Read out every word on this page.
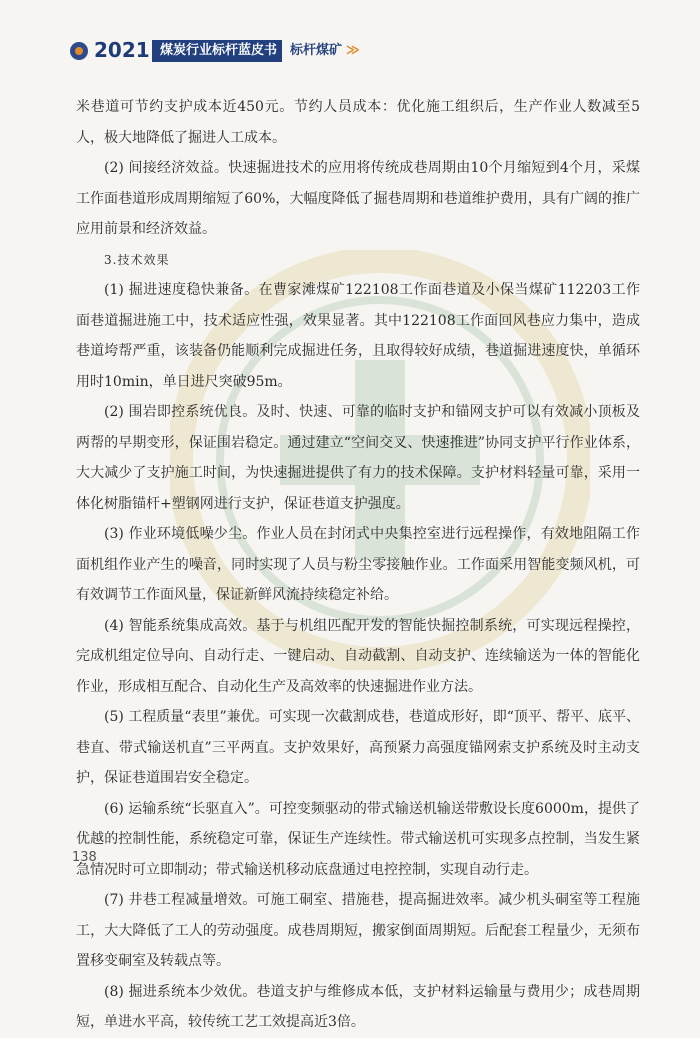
2021 煤炭行业标杆蓝皮书 标杆煤矿 ≫

米巷道可节约支护成本近450元。节约人员成本：优化施工组织后，生产作业人数减至5人，极大地降低了掘进人工成本。

(2) 间接经济效益。快速掘进技术的应用将传统成巷周期由10个月缩短到4个月，采煤工作面巷道形成周期缩短了60%，大幅度降低了掘巷周期和巷道维护费用，具有广阔的推广应用前景和经济效益。

3.技术效果

(1) 掘进速度稳快兼备。在曹家滩煤矿122108工作面巷道及小保当煤矿112203工作面巷道掘进施工中，技术适应性强，效果显著。其中122108工作面回风巷应力集中，造成巷道垮帮严重，该装备仍能顺利完成掘进任务，且取得较好成绩，巷道掘进速度快，单循环用时10min，单日进尺突破95m。

(2) 围岩即控系统优良。及时、快速、可靠的临时支护和锚网支护可以有效减小顶板及两帮的早期变形，保证围岩稳定。通过建立“空间交叉、快速推进”协同支护平行作业体系，大大减少了支护施工时间，为快速掘进提供了有力的技术保障。支护材料轻量可靠，采用一体化树脂锚杆+塑钢网进行支护，保证巷道支护强度。

(3) 作业环境低噪少尘。作业人员在封闭式中央集控室进行远程操作，有效地阻隔工作面机组作业产生的噪音，同时实现了人员与粉尘零接触作业。工作面采用智能变频风机，可有效调节工作面风量，保证新鲜风流持续稳定补给。

(4) 智能系统集成高效。基于与机组匹配开发的智能快掘控制系统，可实现远程操控，完成机组定位导向、自动行走、一键启动、自动截割、自动支护、连续输送为一体的智能化作业，形成相互配合、自动化生产及高效率的快速掘进作业方法。

(5) 工程质量“表里”兼优。可实现一次截割成巷，巷道成形好，即“顶平、帮平、底平、巷直、带式输送机直”三平两直。支护效果好，高预紧力高强度锚网索支护系统及时主动支护，保证巷道围岩安全稳定。

(6) 运输系统“长驱直入”。可控变频驱动的带式输送机输送带敷设长度6000m，提供了优越的控制性能，系统稳定可靠，保证生产连续性。带式输送机可实现多点控制，当发生紧急情况时可立即制动；带式输送机移动底盘通过电控控制，实现自动行走。

(7) 井巷工程减量增效。可施工硐室、措施巷，提高掘进效率。减少机头硐室等工程施工，大大降低了工人的劳动强度。成巷周期短，搬家倒面周期短。后配套工程量少，无须布置移变硐室及转载点等。

(8) 掘进系统本少效优。巷道支护与维修成本低，支护材料运输量与费用少；成巷周期短，单进水平高，较传统工艺工效提高近3倍。

138
